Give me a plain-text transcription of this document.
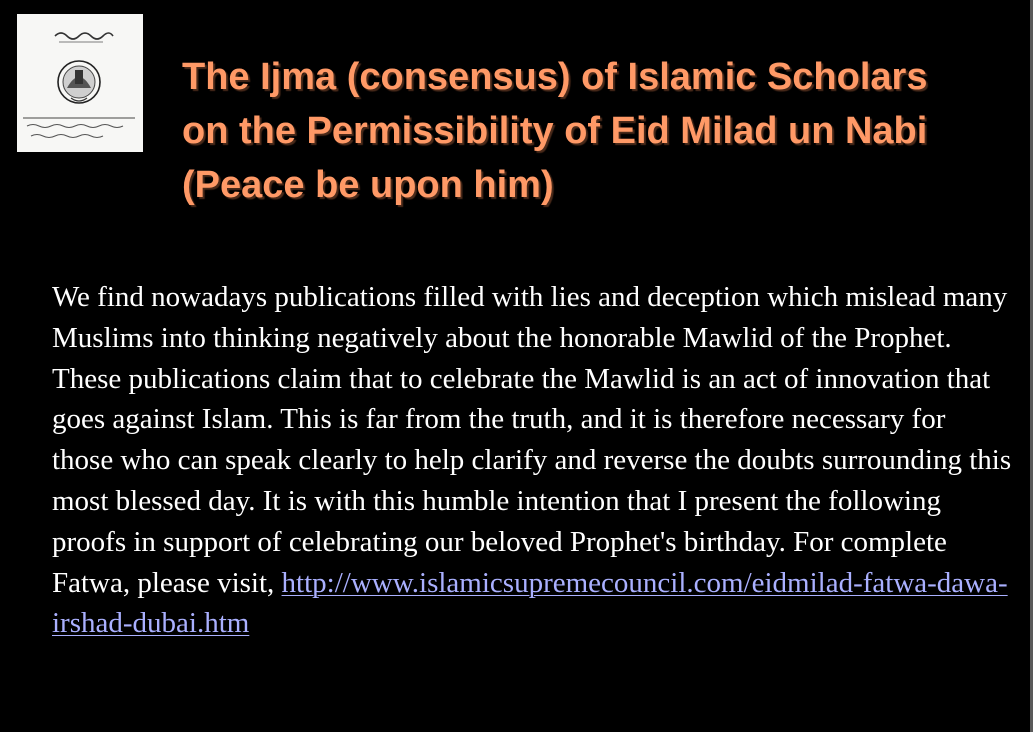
The Ijma (consensus) of Islamic Scholars on the Permissibility of Eid Milad un Nabi (Peace be upon him)

We find nowadays publications filled with lies and deception which mislead many Muslims into thinking negatively about the honorable Mawlid of the Prophet. These publications claim that to celebrate the Mawlid is an act of innovation that goes against Islam. This is far from the truth, and it is therefore necessary for those who can speak clearly to help clarify and reverse the doubts surrounding this most blessed day. It is with this humble intention that I present the following proofs in support of celebrating our beloved Prophet's birthday. For complete Fatwa, please visit, http://www.islamicsupremecouncil.com/eidmilad-fatwa-dawa-irshad-dubai.htm
